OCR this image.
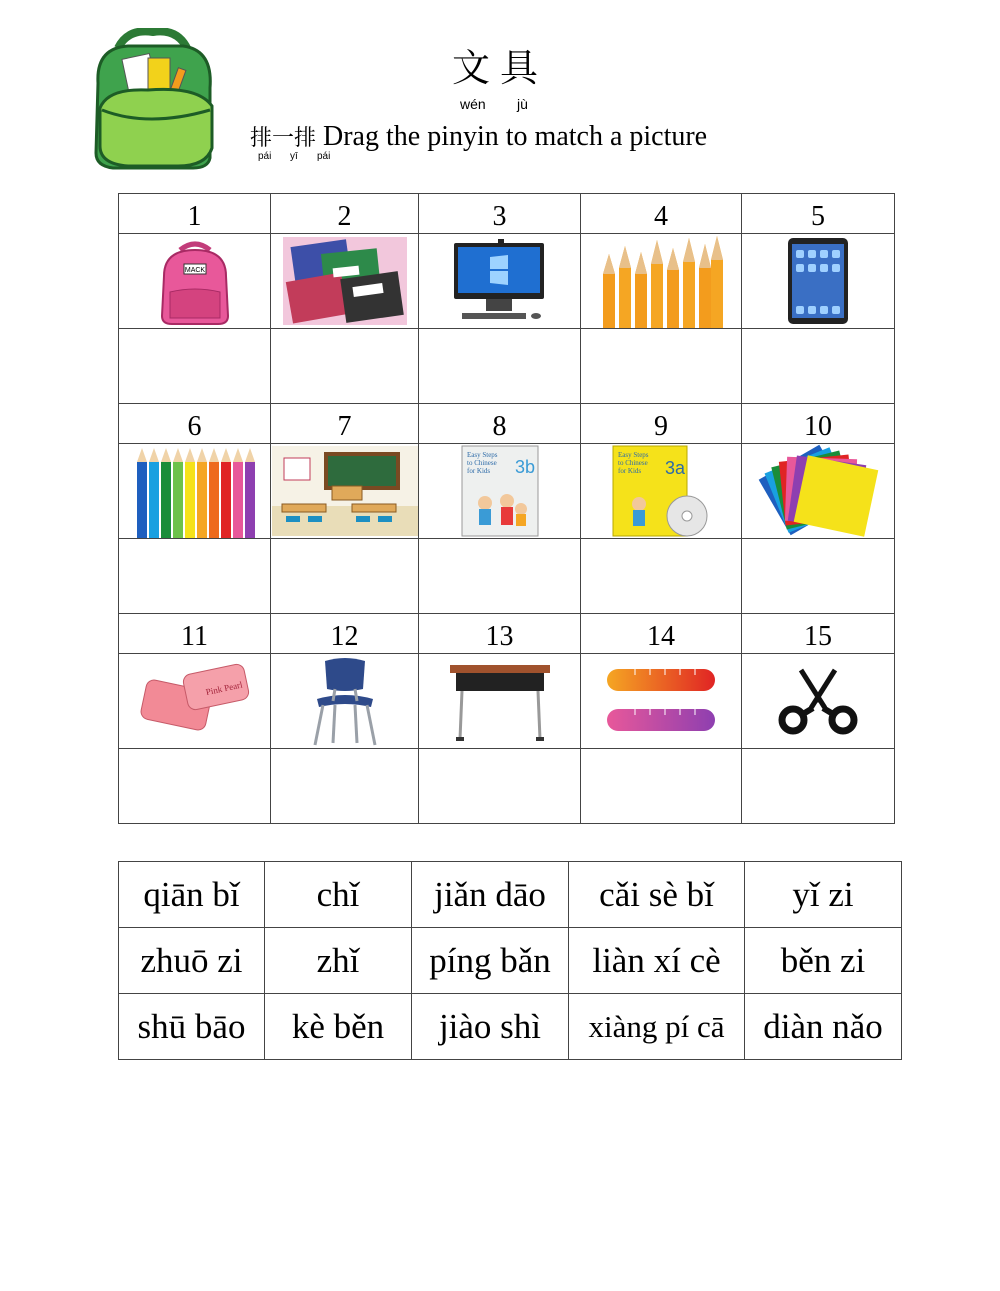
文具
wén jù
排一排 Drag the pinyin to match a picture
pái yī pái
1	2	3	4	5

MACK

6	7	8	9	10

Easy Steps
to Chinese
for Kids 3b	Easy Steps
to Chinese
for Kids 3a

11	12	13	14	15

Pink Pearl

qiān bǐ	chǐ	jiǎn dāo	cǎi sè bǐ	yǐ zi
zhuō zi	zhǐ	píng bǎn	liàn xí cè	běn zi
shū bāo	kè běn	jiào shì	xiàng pí cā	diàn nǎo
